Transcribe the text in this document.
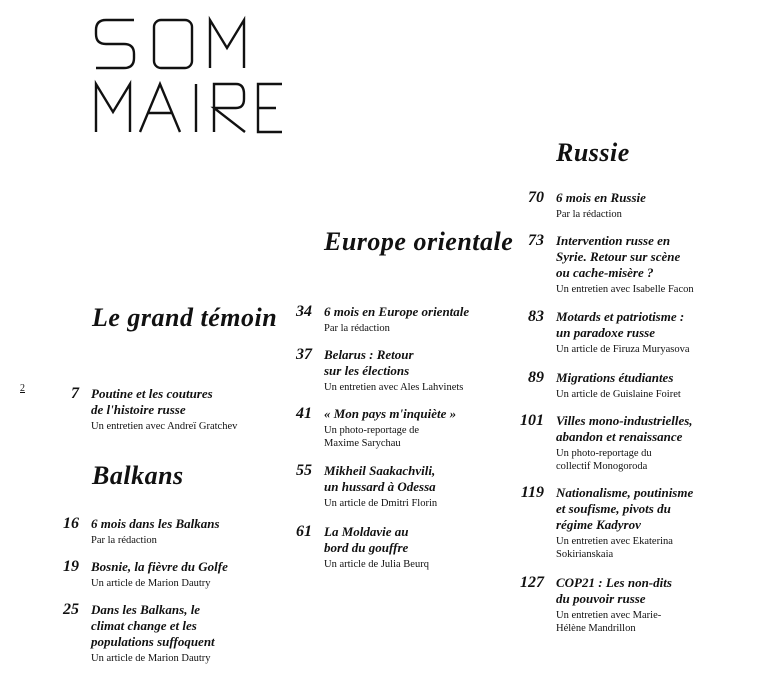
2
Le grand témoin
7 Poutine et les coutures
de l'histoire russe

Un entretien avec Andreï Gratchev

Balkans
16 6 mois dans les Balkans

Par la rédaction

19 Bosnie, la fièvre du Golfe

Un article de Marion Dautry

25 Dans les Balkans, le
climat change et les
populations suffoquent

Un article de Marion Dautry

Europe orientale
34 6 mois en Europe orientale

Par la rédaction

37 Belarus : Retour
sur les élections

Un entretien avec Ales Lahvinets

41 « Mon pays m'inquiète »

Un photo-reportage de
Maxime Sarychau

55 Mikheil Saakachvili,
un hussard à Odessa

Un article de Dmitri Florin

61 La Moldavie au
bord du gouffre

Un article de Julia Beurq

Russie
70 6 mois en Russie

Par la rédaction

73 Intervention russe en
Syrie. Retour sur scène
ou cache-misère ?

Un entretien avec Isabelle Facon

83 Motards et patriotisme :
un paradoxe russe

Un article de Firuza Muryasova

89 Migrations étudiantes

Un article de Guislaine Foiret

101 Villes mono-industrielles,
abandon et renaissance

Un photo-reportage du
collectif Monogoroda

119 Nationalisme, poutinisme
et soufisme, pivots du
régime Kadyrov

Un entretien avec Ekaterina
Sokirianskaia

127 COP21 : Les non-dits
du pouvoir russe

Un entretien avec Marie-
Hélène Mandrillon
